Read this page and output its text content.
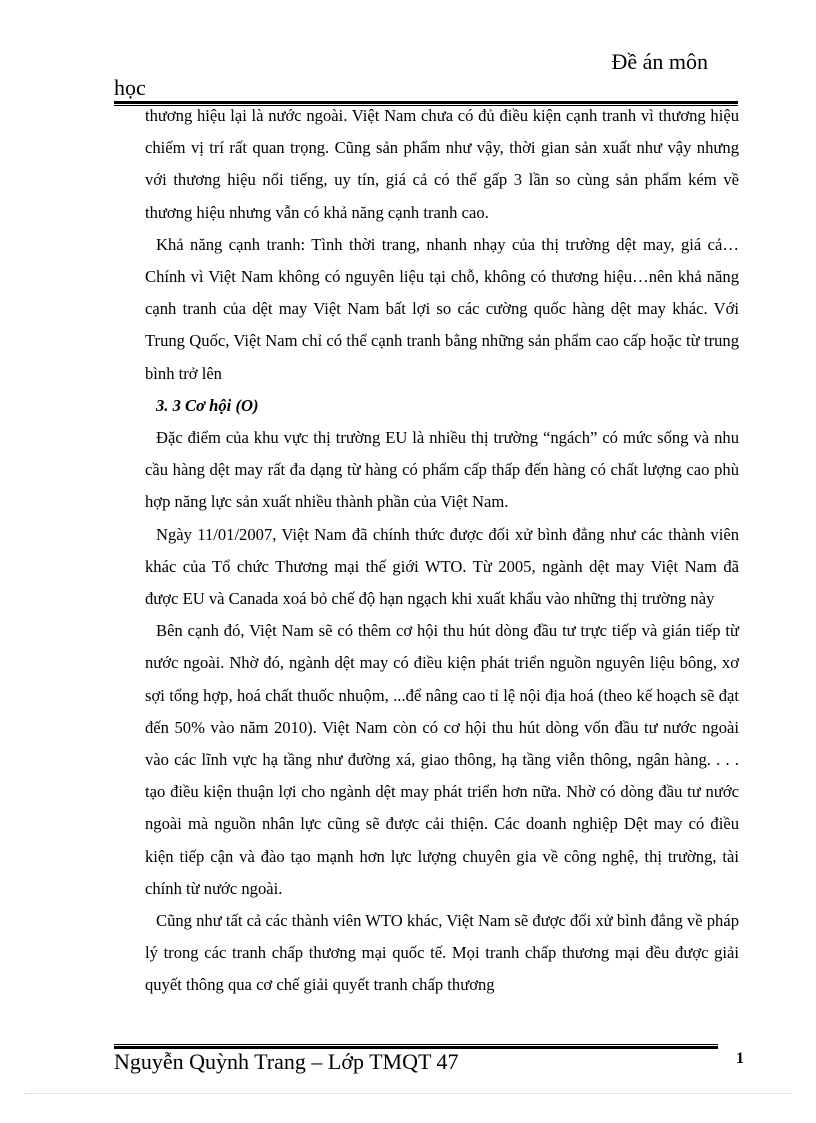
Đề án môn
học

thương hiệu lại là nước ngoài. Việt Nam chưa có đủ điều kiện cạnh tranh vì thương hiệu chiếm vị trí rất quan trọng. Cũng sản phẩm như vậy, thời gian sản xuất như vậy nhưng với thương hiệu nổi tiếng, uy tín, giá cả có thể gấp 3 lần so cùng sản phẩm kém về thương hiệu nhưng vẫn có khả năng cạnh tranh cao.

Khả năng cạnh tranh: Tình thời trang, nhanh nhạy của thị trường dệt may, giá cả…Chính vì Việt Nam không có nguyên liệu tại chỗ, không có thương hiệu…nên khả năng cạnh tranh của dệt may Việt Nam bất lợi so các cường quốc hàng dệt may khác. Với Trung Quốc, Việt Nam chỉ có thể cạnh tranh bằng những sản phẩm cao cấp hoặc từ trung bình trở lên

3. 3 Cơ hội (O)

Đặc điểm của khu vực thị trường EU là nhiều thị trường “ngách” có mức sống và nhu cầu hàng dệt may rất đa dạng từ hàng có phẩm cấp thấp đến hàng có chất lượng cao phù hợp năng lực sản xuất nhiều thành phần của Việt Nam.

Ngày 11/01/2007, Việt Nam đã chính thức được đối xử bình đẳng như các thành viên khác của Tổ chức Thương mại thế giới WTO. Từ 2005, ngành dệt may Việt Nam đã được EU và Canada xoá bỏ chế độ hạn ngạch khi xuất khẩu vào những thị trường này

Bên cạnh đó, Việt Nam sẽ có thêm cơ hội thu hút dòng đầu tư trực tiếp và gián tiếp từ nước ngoài. Nhờ đó, ngành dệt may có điều kiện phát triển nguồn nguyên liệu bông, xơ sợi tổng hợp, hoá chất thuốc nhuộm, ...để nâng cao tỉ lệ nội địa hoá (theo kế hoạch sẽ đạt đến 50% vào năm 2010). Việt Nam còn có cơ hội thu hút dòng vốn đầu tư nước ngoài vào các lĩnh vực hạ tầng như đường xá, giao thông, hạ tầng viễn thông, ngân hàng. . . . tạo điều kiện thuận lợi cho ngành dệt may phát triển hơn nữa. Nhờ có dòng đầu tư nước ngoài mà nguồn nhân lực cũng sẽ được cải thiện. Các doanh nghiệp Dệt may có điều kiện tiếp cận và đào tạo mạnh hơn lực lượng chuyên gia về công nghệ, thị trường, tài chính từ nước ngoài.

Cũng như tất cả các thành viên WTO khác, Việt Nam sẽ được đối xử bình đẳng về pháp lý trong các tranh chấp thương mại quốc tế. Mọi tranh chấp thương mại đều được giải quyết thông qua cơ chế giải quyết tranh chấp thương

Nguyễn Quỳnh Trang – Lớp TMQT 47	1
